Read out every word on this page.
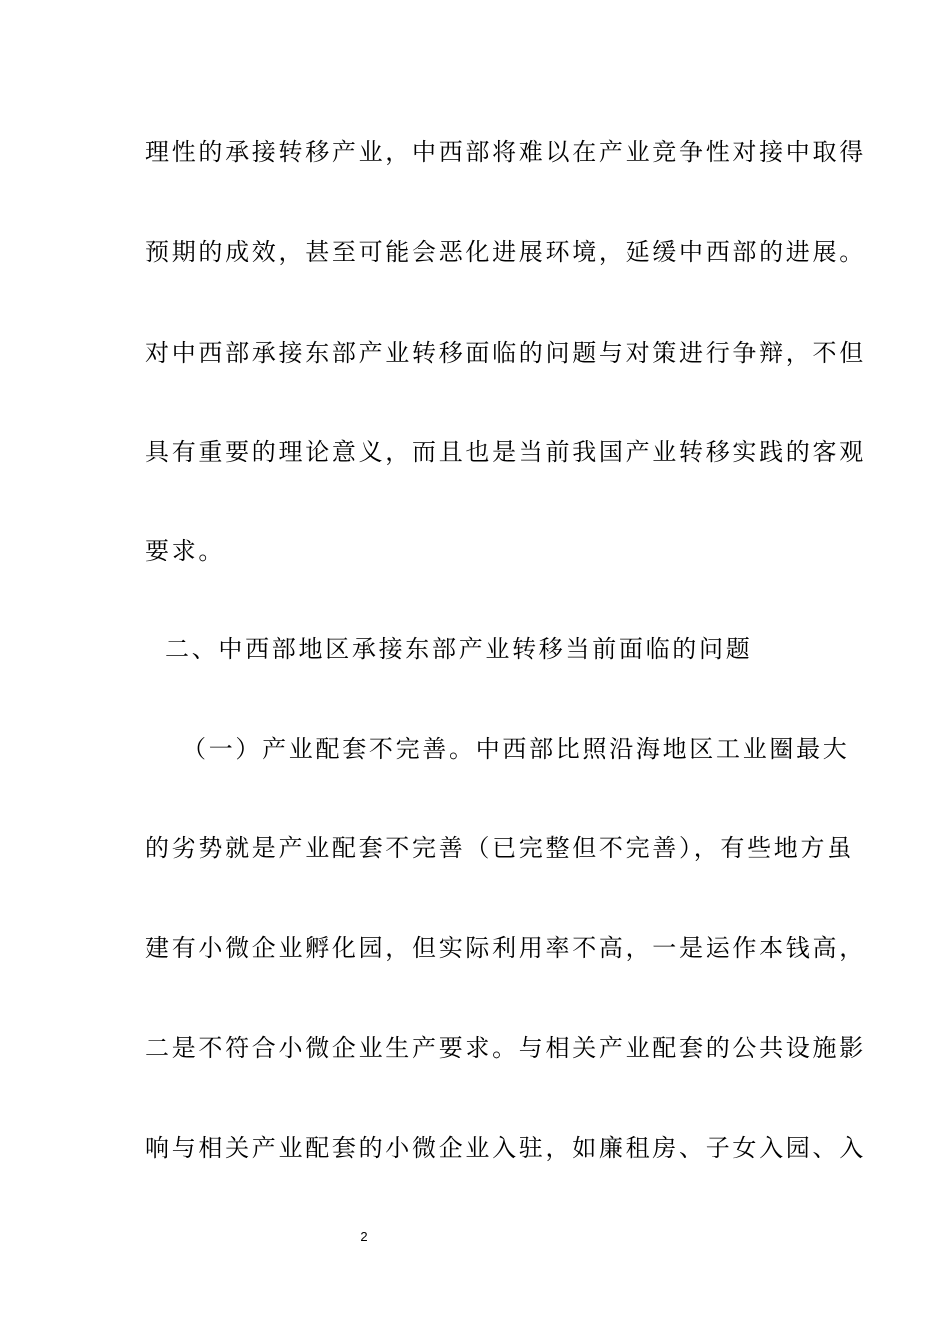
理性的承接转移产业，中西部将难以在产业竞争性对接中取得
预期的成效，甚至可能会恶化进展环境，延缓中西部的进展。
对中西部承接东部产业转移面临的问题与对策进行争辩，不但
具有重要的理论意义，而且也是当前我国产业转移实践的客观
要求。
二、中西部地区承接东部产业转移当前面临的问题
（一）产业配套不完善。中西部比照沿海地区工业圈最大
的劣势就是产业配套不完善（已完整但不完善），有些地方虽
建有小微企业孵化园，但实际利用率不高，一是运作本钱高，
二是不符合小微企业生产要求。与相关产业配套的公共设施影
响与相关产业配套的小微企业入驻，如廉租房、子女入园、入
2
